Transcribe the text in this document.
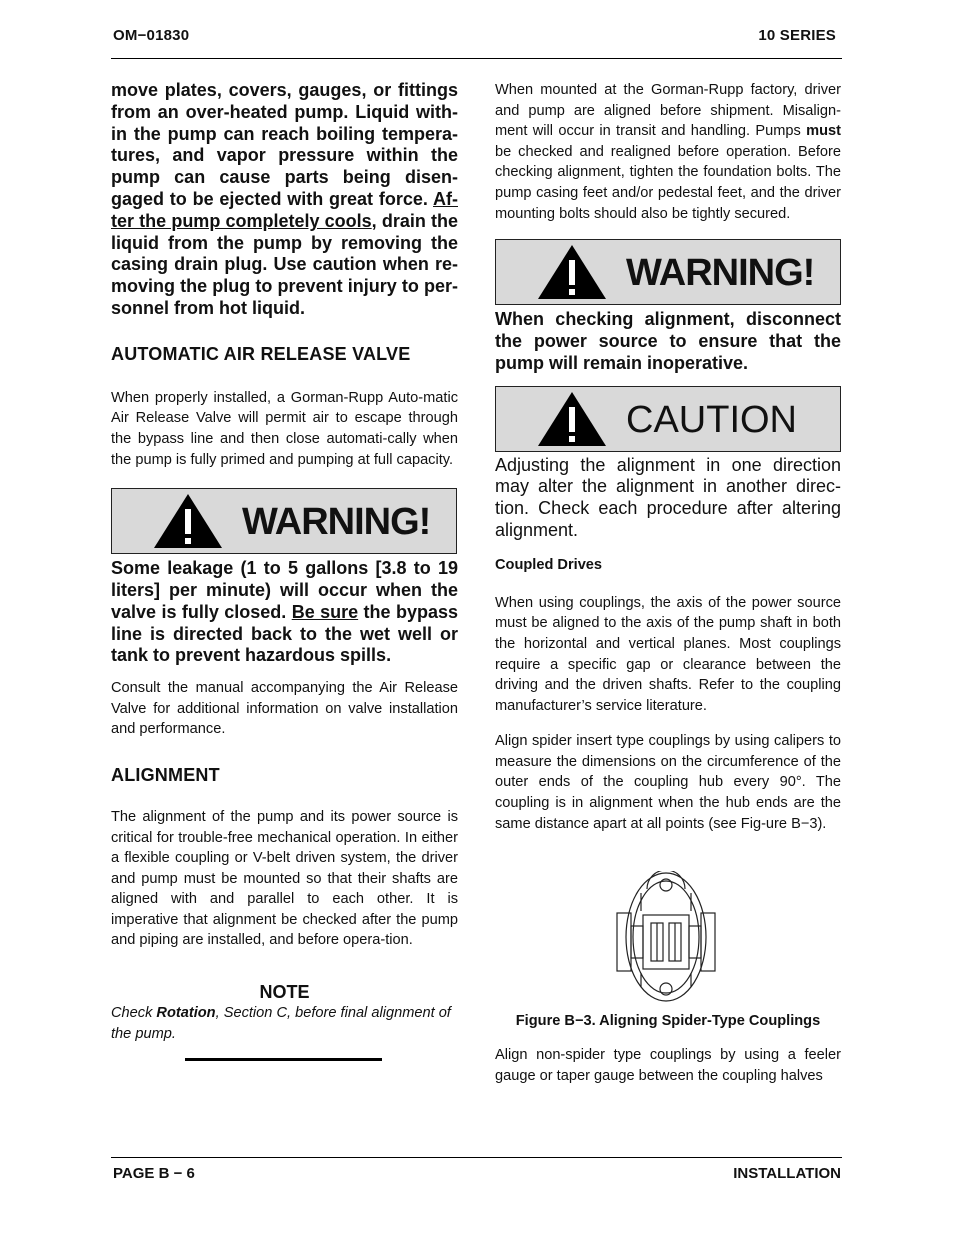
OM−01830	10 SERIES

move plates, covers, gauges, or fittings from an over-heated pump. Liquid with-in the pump can reach boiling tempera-tures, and vapor pressure within the pump can cause parts being disen-gaged to be ejected with great force. Af-ter the pump completely cools, drain the liquid from the pump by removing the casing drain plug. Use caution when re-moving the plug to prevent injury to per-sonnel from hot liquid.

AUTOMATIC AIR RELEASE VALVE

When properly installed, a Gorman-Rupp Auto-matic Air Release Valve will permit air to escape through the bypass line and then close automati-cally when the pump is fully primed and pumping at full capacity.

WARNING!

Some leakage (1 to 5 gallons [3.8 to 19 liters] per minute) will occur when the valve is fully closed. Be sure the bypass line is directed back to the wet well or tank to prevent hazardous spills.

Consult the manual accompanying the Air Release Valve for additional information on valve installation and performance.

ALIGNMENT

The alignment of the pump and its power source is critical for trouble-free mechanical operation. In either a flexible coupling or V-belt driven system, the driver and pump must be mounted so that their shafts are aligned with and parallel to each other. It is imperative that alignment be checked after the pump and piping are installed, and before opera-tion.

NOTE

Check Rotation, Section C, before final alignment of the pump.

When mounted at the Gorman-Rupp factory, driver and pump are aligned before shipment. Misalign-ment will occur in transit and handling. Pumps must be checked and realigned before operation. Before checking alignment, tighten the foundation bolts. The pump casing feet and/or pedestal feet, and the driver mounting bolts should also be tightly secured.

WARNING!

When checking alignment, disconnect the power source to ensure that the pump will remain inoperative.

CAUTION

Adjusting the alignment in one direction may alter the alignment in another direc-tion. Check each procedure after altering alignment.

Coupled Drives

When using couplings, the axis of the power source must be aligned to the axis of the pump shaft in both the horizontal and vertical planes. Most couplings require a specific gap or clearance between the driving and the driven shafts. Refer to the coupling manufacturer’s service literature.

Align spider insert type couplings by using calipers to measure the dimensions on the circumference of the outer ends of the coupling hub every 90°. The coupling is in alignment when the hub ends are the same distance apart at all points (see Fig-ure B−3).

Figure B−3. Aligning Spider-Type Couplings

Align non-spider type couplings by using a feeler gauge or taper gauge between the coupling halves

PAGE B − 6	INSTALLATION
